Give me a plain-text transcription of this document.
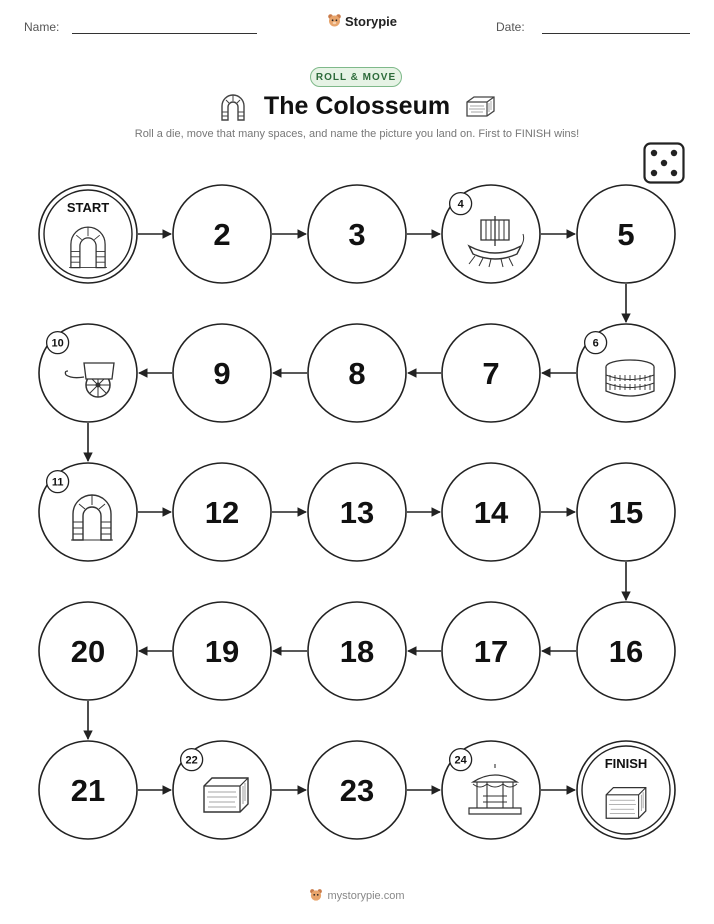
Name:	Storypie	Date:
ROLL & MOVE
The Colosseum
Roll a die, move that many spaces, and name the picture you land on. First to FINISH wins!
START
2	3
4
5
6
7
8
9
10
11
12	13	14	15
16
17
18
19
20
21
22
23
24	FINISH
mystorypie.com
